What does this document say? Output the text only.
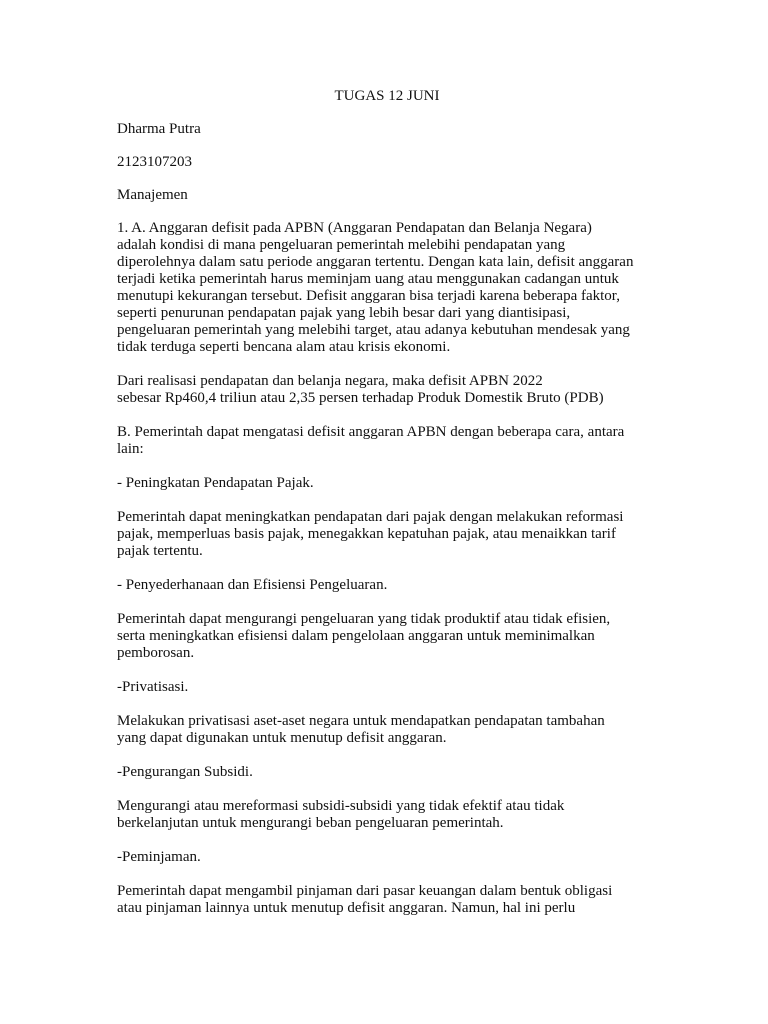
TUGAS 12 JUNI
Dharma Putra
2123107203
Manajemen
1. A. Anggaran defisit pada APBN (Anggaran Pendapatan dan Belanja Negara)
adalah kondisi di mana pengeluaran pemerintah melebihi pendapatan yang
diperolehnya dalam satu periode anggaran tertentu. Dengan kata lain, defisit anggaran
terjadi ketika pemerintah harus meminjam uang atau menggunakan cadangan untuk
menutupi kekurangan tersebut. Defisit anggaran bisa terjadi karena beberapa faktor,
seperti penurunan pendapatan pajak yang lebih besar dari yang diantisipasi,
pengeluaran pemerintah yang melebihi target, atau adanya kebutuhan mendesak yang
tidak terduga seperti bencana alam atau krisis ekonomi.
Dari realisasi pendapatan dan belanja negara, maka defisit APBN 2022
sebesar Rp460,4 triliun atau 2,35 persen terhadap Produk Domestik Bruto (PDB)
B. Pemerintah dapat mengatasi defisit anggaran APBN dengan beberapa cara, antara
lain:
- Peningkatan Pendapatan Pajak.
Pemerintah dapat meningkatkan pendapatan dari pajak dengan melakukan reformasi
pajak, memperluas basis pajak, menegakkan kepatuhan pajak, atau menaikkan tarif
pajak tertentu.
- Penyederhanaan dan Efisiensi Pengeluaran.
Pemerintah dapat mengurangi pengeluaran yang tidak produktif atau tidak efisien,
serta meningkatkan efisiensi dalam pengelolaan anggaran untuk meminimalkan
pemborosan.
-Privatisasi.
Melakukan privatisasi aset-aset negara untuk mendapatkan pendapatan tambahan
yang dapat digunakan untuk menutup defisit anggaran.
-Pengurangan Subsidi.
Mengurangi atau mereformasi subsidi-subsidi yang tidak efektif atau tidak
berkelanjutan untuk mengurangi beban pengeluaran pemerintah.
-Peminjaman.
Pemerintah dapat mengambil pinjaman dari pasar keuangan dalam bentuk obligasi
atau pinjaman lainnya untuk menutup defisit anggaran. Namun, hal ini perlu
